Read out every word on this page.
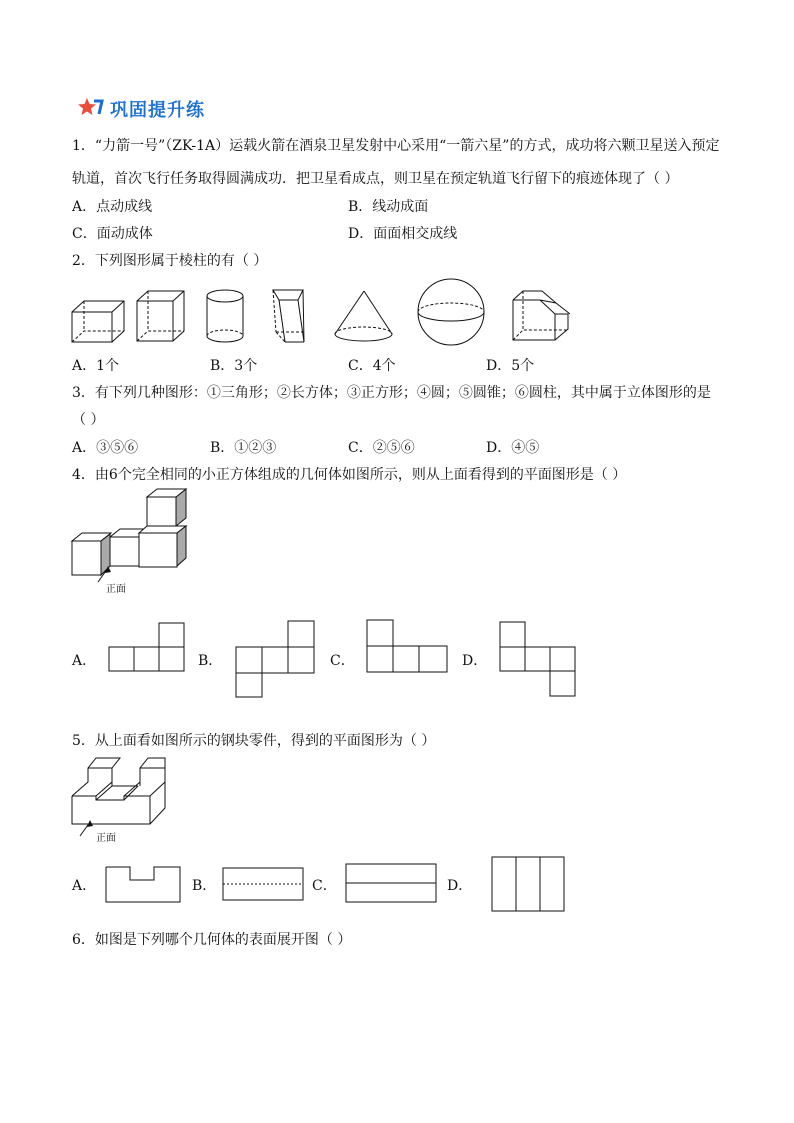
巩固提升练
1．“力箭一号”（ZK-1A）运载火箭在酒泉卫星发射中心采用“一箭六星”的方式，成功将六颗卫星送入预定
轨道，首次飞行任务取得圆满成功．把卫星看成点，则卫星在预定轨道飞行留下的痕迹体现了（ ）
A．点动成线	B．线动成面
C．面动成体	D．面面相交成线
2．下列图形属于棱柱的有（ ）
A．1个	B．3个	C．4个	D．5个
3．有下列几种图形：①三角形；②长方体；③正方形；④圆；⑤圆锥；⑥圆柱，其中属于立体图形的是
（ ）
A．③⑤⑥	B．①②③	C．②⑤⑥	D．④⑤
4．由6个完全相同的小正方体组成的几何体如图所示，则从上面看得到的平面图形是（ ）
正面
A．	B．	C．	D．
5．从上面看如图所示的钢块零件，得到的平面图形为（ ）
正面
A．	B．	C．	D．
6．如图是下列哪个几何体的表面展开图（ ）
